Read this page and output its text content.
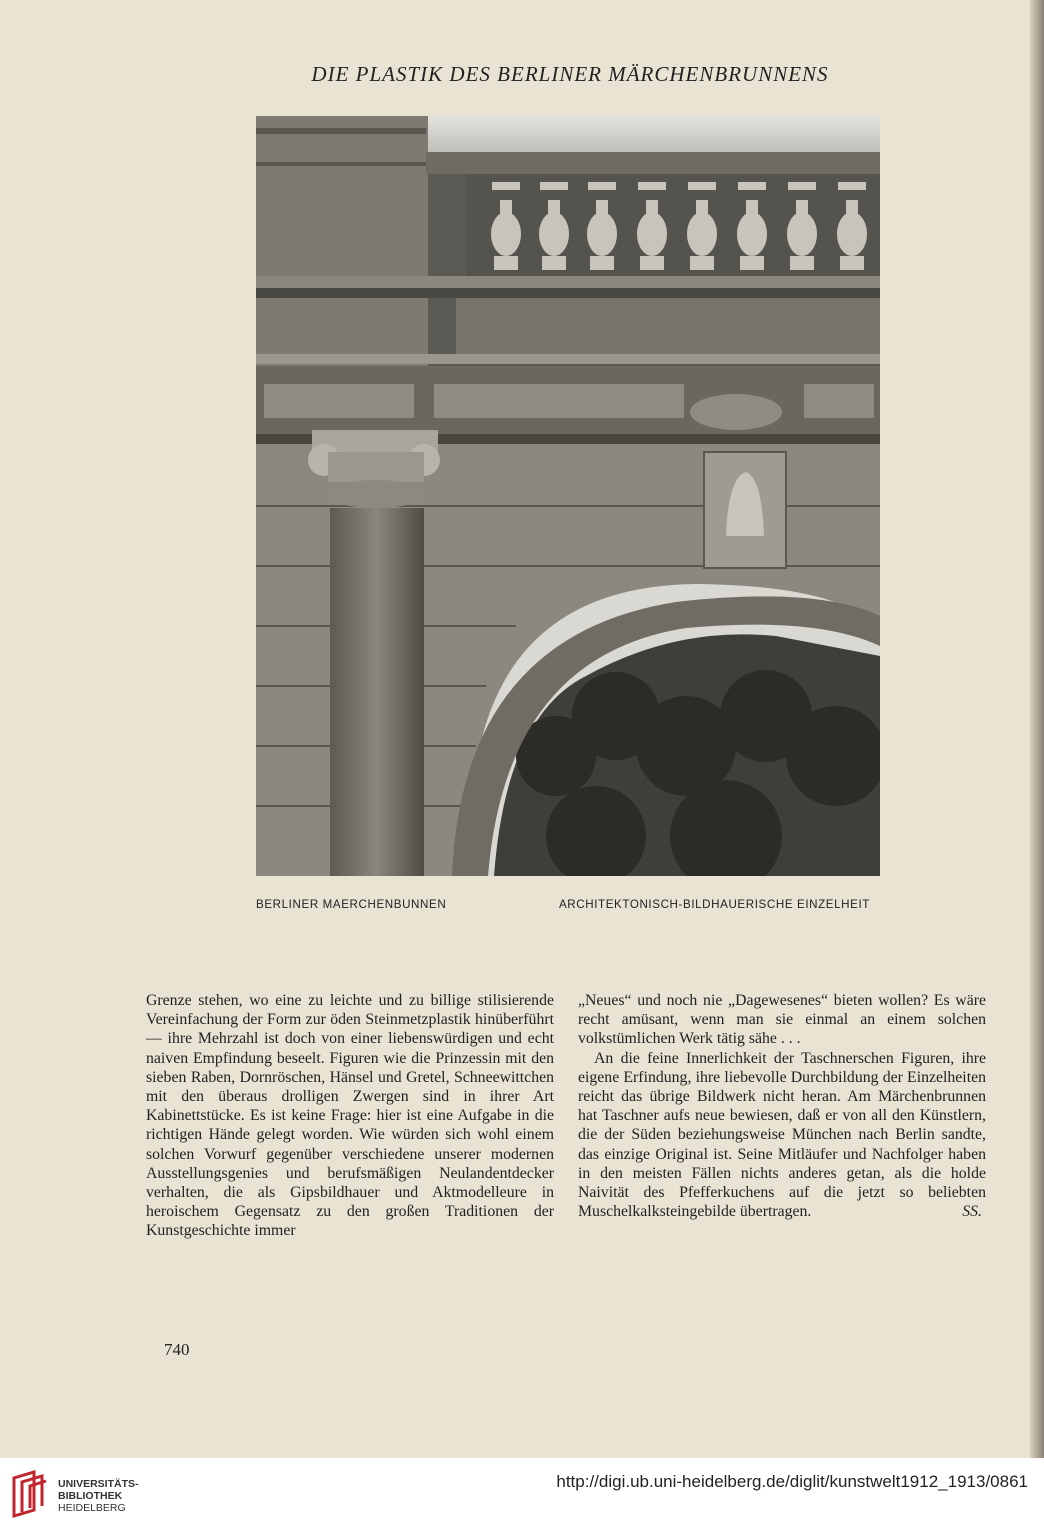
DIE PLASTIK DES BERLINER MÄRCHENBRUNNENS
BERLINER MAERCHENBUNNEN	ARCHITEKTONISCH-BILDHAUERISCHE EINZELHEIT

Grenze stehen, wo eine zu leichte und zu billige stilisierende Vereinfachung der Form zur öden Steinmetzplastik hinüberführt — ihre Mehrzahl ist doch von einer liebenswürdigen und echt naiven Empfindung beseelt. Figuren wie die Prinzessin mit den sieben Raben, Dornröschen, Hänsel und Gretel, Schneewittchen mit den überaus drolligen Zwergen sind in ihrer Art Kabinettstücke. Es ist keine Frage: hier ist eine Aufgabe in die richtigen Hände gelegt worden. Wie würden sich wohl einem solchen Vorwurf gegenüber verschiedene unserer modernen Ausstellungsgenies und berufsmäßigen Neulandentdecker verhalten, die als Gipsbildhauer und Aktmodelleure in heroischem Gegensatz zu den großen Traditionen der Kunstgeschichte immer

„Neues“ und noch nie „Dagewesenes“ bieten wollen? Es wäre recht amüsant, wenn man sie einmal an einem solchen volkstümlichen Werk tätig sähe . . .

An die feine Innerlichkeit der Taschnerschen Figuren, ihre eigene Erfindung, ihre liebevolle Durchbildung der Einzelheiten reicht das übrige Bildwerk nicht heran. Am Märchenbrunnen hat Taschner aufs neue bewiesen, daß er von all den Künstlern, die der Süden beziehungsweise München nach Berlin sandte, das einzige Original ist. Seine Mitläufer und Nachfolger haben in den meisten Fällen nichts anderes getan, als die holde Naivität des Pfefferkuchens auf die jetzt so beliebten Muschelkalksteingebilde übertragen.	SS.

740
UNIVERSITÄTS-
BIBLIOTHEK
HEIDELBERG
http://digi.ub.uni-heidelberg.de/diglit/kunstwelt1912_1913/0861
